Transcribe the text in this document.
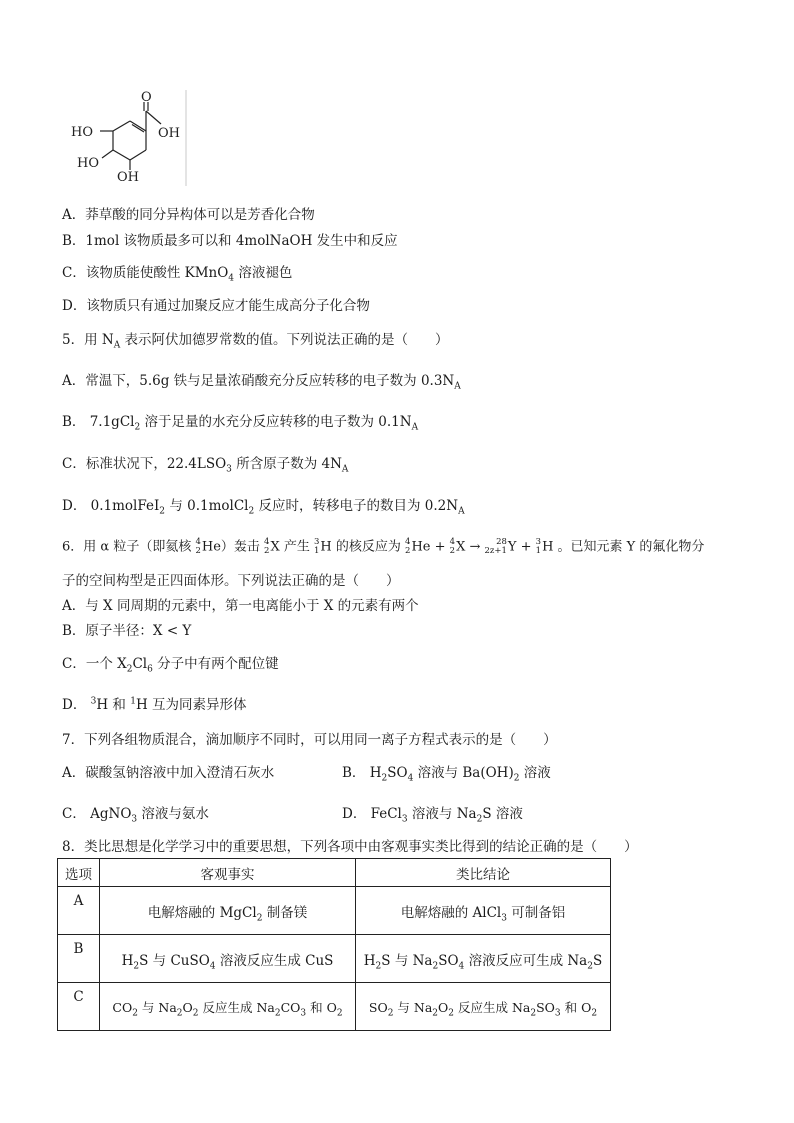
O
OH
HO
HO
OH
A．莽草酸的同分异构体可以是芳香化合物
B．1mol 该物质最多可以和 4molNaOH 发生中和反应
C．该物质能使酸性 KMnO$_4$ 溶液褪色
D．该物质只有通过加聚反应才能生成高分子化合物
5．用 $N_A$ 表示阿伏加德罗常数的值。下列说法正确的是（　　）
A．常温下，5.6g 铁与足量浓硝酸充分反应转移的电子数为 $0.3N_A$
B． 7.1gCl$_2$ 溶于足量的水充分反应转移的电子数为 $0.1N_A$
C．标准状况下，$22.4LSO_3$ 所含原子数为 $4N_A$
D． 0.1molFeI$_2$ 与 0.1molCl$_2$ 反应时，转移电子的数目为 $0.2N_A$
6．用 α 粒子（即氦核 4
2 He）轰击 4
2 X 产生 3
1 H 的核反应为 4
2 He + 4
2 X →	28
2z+1 Y + 3
1 H 。已知元素 Y 的氟化物分
子的空间构型是正四面体形。下列说法正确的是（　　）
A．与 X 同周期的元素中，第一电离能小于 X 的元素有两个
B．原子半径：X < Y
C．一个 $X_2Cl_6$ 分子中有两个配位键
D． $^3$H 和 $^1$H 互为同素异形体
7．下列各组物质混合，滴加顺序不同时，可以用同一离子方程式表示的是（　　）
A．碳酸氢钠溶液中加入澄清石灰水	B． $H_2SO_4$ 溶液与 $Ba(OH)_2$ 溶液
C． AgNO$_3$ 溶液与氨水	D． FeCl$_3$ 溶液与 $Na_2S$ 溶液
8．类比思想是化学学习中的重要思想，下列各项中由客观事实类比得到的结论正确的是（　　）
选项	客观事实	类比结论
A	电解熔融的 MgCl$_2$ 制备镁	电解熔融的 AlCl$_3$ 可制备铝
B	$H_2S$ 与 CuSO$_4$ 溶液反应生成 CuS	$H_2S$ 与 $Na_2SO_4$ 溶液反应可生成 $Na_2S$
C	$CO_2$ 与 $Na_2O_2$ 反应生成 $Na_2CO_3$ 和 $O_2$	$SO_2$ 与 $Na_2O_2$ 反应生成 $Na_2SO_3$ 和 $O_2$
